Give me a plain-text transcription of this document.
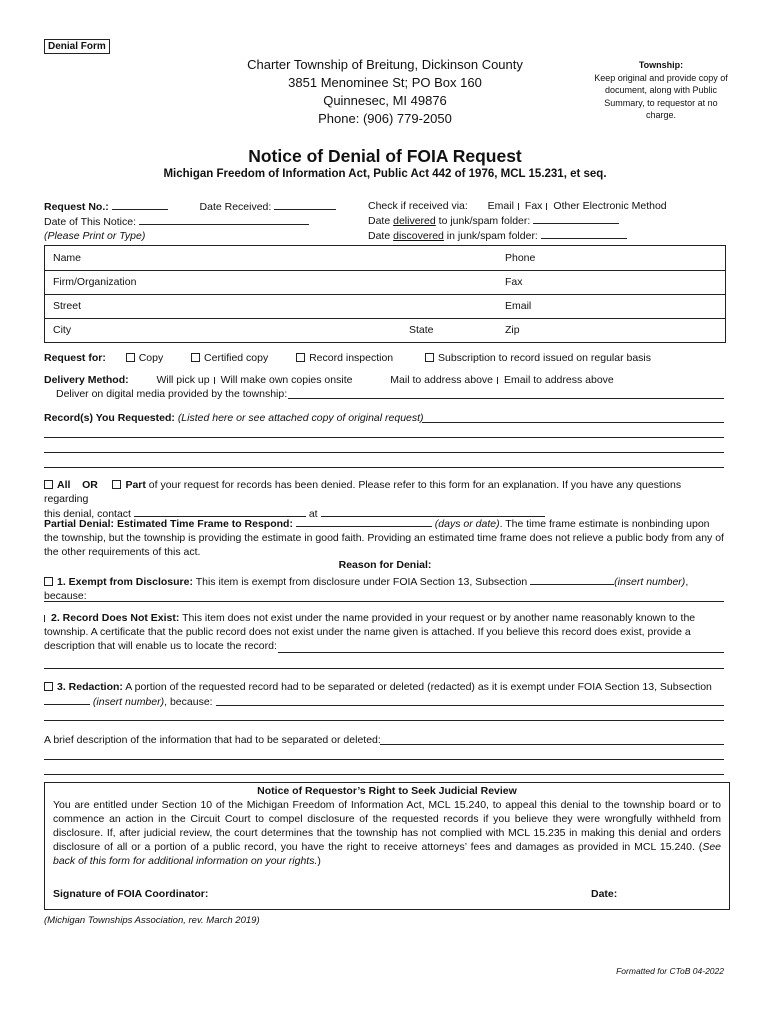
Denial Form
Charter Township of Breitung, Dickinson County
3851 Menominee St; PO Box 160
Quinnesec, MI 49876
Phone: (906) 779-2050
Township:
Keep original and provide copy of document, along with Public Summary, to requestor at no charge.
Notice of Denial of FOIA Request
Michigan Freedom of Information Act, Public Act 442 of 1976, MCL 15.231, et seq.
Request No.:	Date Received:
Date of This Notice:
(Please Print or Type)
Check if received via: Email Fax Other Electronic Method
Date delivered to junk/spam folder:
Date discovered in junk/spam folder:
Name	Phone
Firm/Organization	Fax
Street	Email
City	State	Zip
Request for:	Copy	Certified copy	Record inspection	Subscription to record issued on regular basis
Delivery Method:	Will pick up Will make own copies onsite	Mail to address above Email to address above
Deliver on digital media provided by the township:
Record(s) You Requested: (Listed here or see attached copy of original request)
All OR	Part of your request for records has been denied. Please refer to this form for an explanation. If you have any questions regarding
this denial, contact	at
Partial Denial: Estimated Time Frame to Respond:	(days or date). The time frame estimate is nonbinding upon
the township, but the township is providing the estimate in good faith. Providing an estimated time frame does not relieve a public body from any of
the other requirements of this act.
Reason for Denial:
1. Exempt from Disclosure: This item is exempt from disclosure under FOIA Section 13, Subsection	(insert number), because:
2. Record Does Not Exist: This item does not exist under the name provided in your request or by another name reasonably known to the
township. A certificate that the public record does not exist under the name given is attached. If you believe this record does exist, provide a
description that will enable us to locate the record:
3. Redaction: A portion of the requested record had to be separated or deleted (redacted) as it is exempt under FOIA Section 13, Subsection
(insert number), because:
A brief description of the information that had to be separated or deleted:
Notice of Requestor’s Right to Seek Judicial Review
You are entitled under Section 10 of the Michigan Freedom of Information Act, MCL 15.240, to appeal this denial to the township board or to commence an action in the Circuit Court to compel disclosure of the requested records if you believe they were wrongfully withheld from disclosure. If, after judicial review, the court determines that the township has not complied with MCL 15.235 in making this denial and orders disclosure of all or a portion of a public record, you have the right to receive attorneys’ fees and damages as provided in MCL 15.240. (See back of this form for additional information on your rights.)
Signature of FOIA Coordinator:	Date:
(Michigan Townships Association, rev. March 2019)
Formatted for CToB 04-2022
